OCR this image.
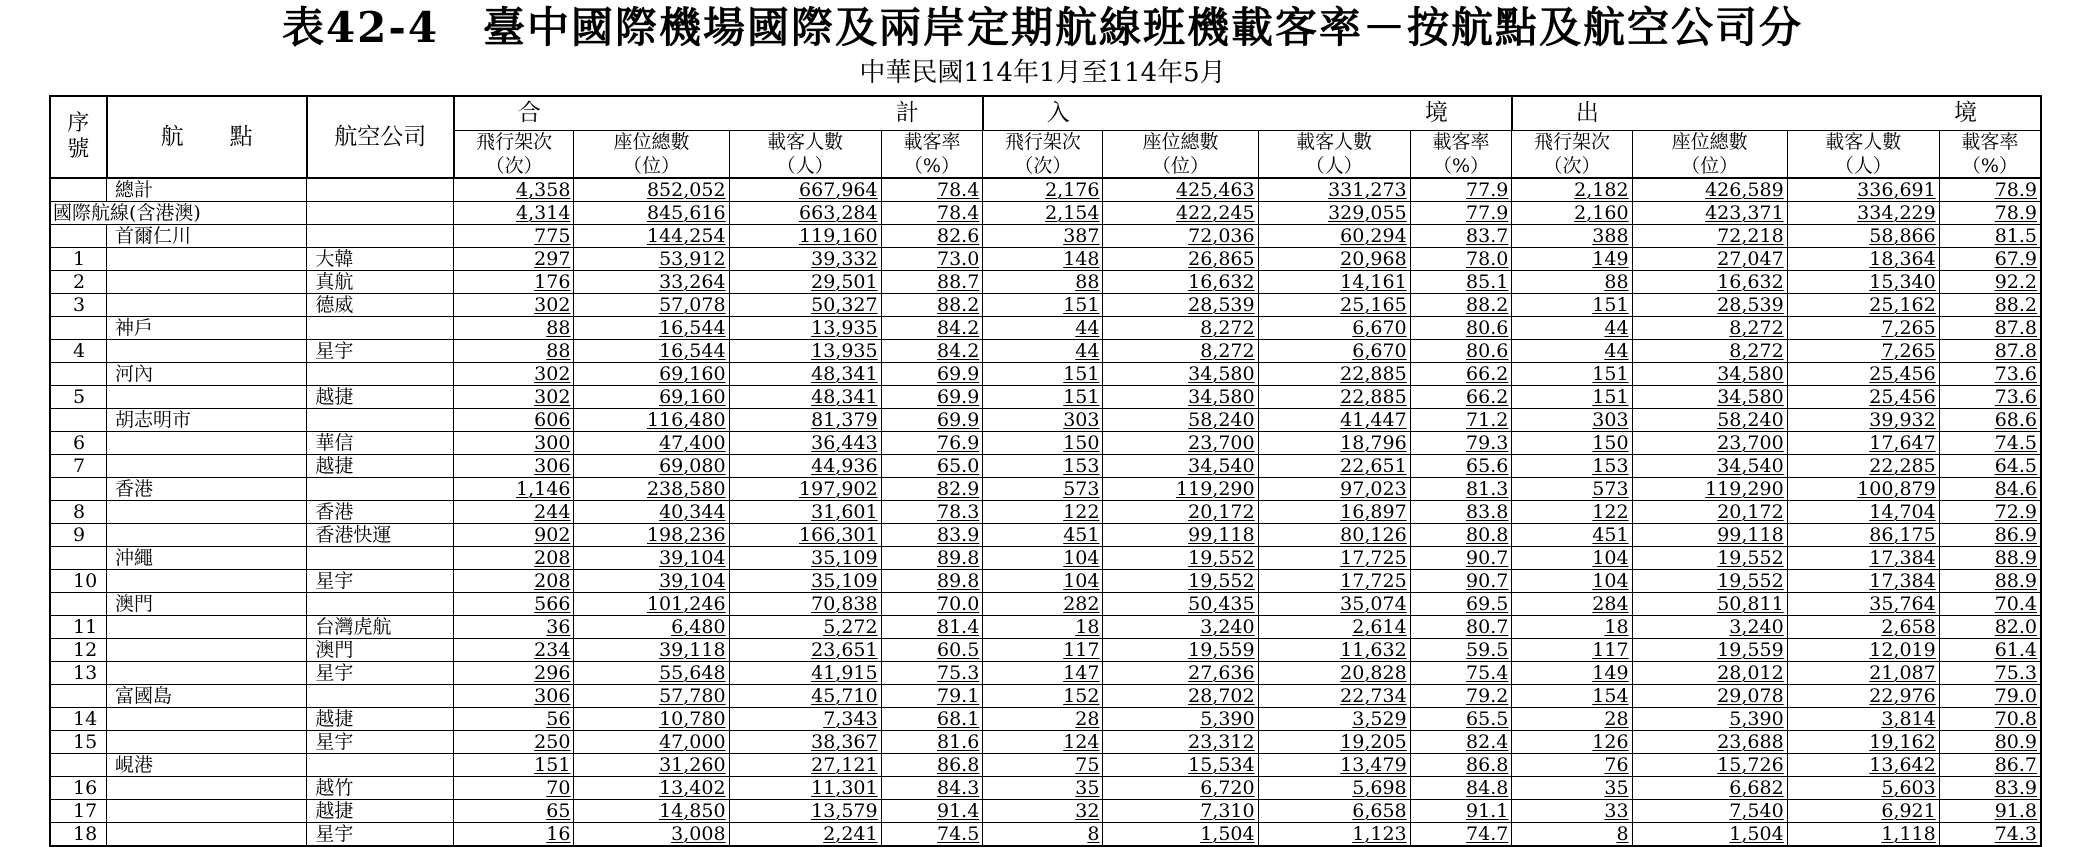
表42-4　臺中國際機場國際及兩岸定期航線班機載客率－按航點及航空公司分
中華民國114年1月至114年5月
序
號	航　　點	航空公司	合 計				入 境				出 境			

			飛行架次	座位總數	載客人數	載客率	飛行架次	座位總數	載客人數	載客率	飛行架次	座位總數	載客人數	載客率
			（次）	（位）	（人）	（%）	（次）	（位）	（人）	（%）	（次）	（位）	（人）	（%）
	總計		4,358	852,052	667,964	78.4	2,176	425,463	331,273	77.9	2,182	426,589	336,691	78.9
國際航線(含港澳)			4,314	845,616	663,284	78.4	2,154	422,245	329,055	77.9	2,160	423,371	334,229	78.9
	首爾仁川		775	144,254	119,160	82.6	387	72,036	60,294	83.7	388	72,218	58,866	81.5
1		大韓	297	53,912	39,332	73.0	148	26,865	20,968	78.0	149	27,047	18,364	67.9
2		真航	176	33,264	29,501	88.7	88	16,632	14,161	85.1	88	16,632	15,340	92.2
3		德威	302	57,078	50,327	88.2	151	28,539	25,165	88.2	151	28,539	25,162	88.2
	神戶		88	16,544	13,935	84.2	44	8,272	6,670	80.6	44	8,272	7,265	87.8
4		星宇	88	16,544	13,935	84.2	44	8,272	6,670	80.6	44	8,272	7,265	87.8
	河內		302	69,160	48,341	69.9	151	34,580	22,885	66.2	151	34,580	25,456	73.6
5		越捷	302	69,160	48,341	69.9	151	34,580	22,885	66.2	151	34,580	25,456	73.6
	胡志明市		606	116,480	81,379	69.9	303	58,240	41,447	71.2	303	58,240	39,932	68.6
6		華信	300	47,400	36,443	76.9	150	23,700	18,796	79.3	150	23,700	17,647	74.5
7		越捷	306	69,080	44,936	65.0	153	34,540	22,651	65.6	153	34,540	22,285	64.5
	香港		1,146	238,580	197,902	82.9	573	119,290	97,023	81.3	573	119,290	100,879	84.6
8		香港	244	40,344	31,601	78.3	122	20,172	16,897	83.8	122	20,172	14,704	72.9
9		香港快運	902	198,236	166,301	83.9	451	99,118	80,126	80.8	451	99,118	86,175	86.9
	沖繩		208	39,104	35,109	89.8	104	19,552	17,725	90.7	104	19,552	17,384	88.9
10		星宇	208	39,104	35,109	89.8	104	19,552	17,725	90.7	104	19,552	17,384	88.9
	澳門		566	101,246	70,838	70.0	282	50,435	35,074	69.5	284	50,811	35,764	70.4
11		台灣虎航	36	6,480	5,272	81.4	18	3,240	2,614	80.7	18	3,240	2,658	82.0
12		澳門	234	39,118	23,651	60.5	117	19,559	11,632	59.5	117	19,559	12,019	61.4
13		星宇	296	55,648	41,915	75.3	147	27,636	20,828	75.4	149	28,012	21,087	75.3
	富國島		306	57,780	45,710	79.1	152	28,702	22,734	79.2	154	29,078	22,976	79.0
14		越捷	56	10,780	7,343	68.1	28	5,390	3,529	65.5	28	5,390	3,814	70.8
15		星宇	250	47,000	38,367	81.6	124	23,312	19,205	82.4	126	23,688	19,162	80.9
	峴港		151	31,260	27,121	86.8	75	15,534	13,479	86.8	76	15,726	13,642	86.7
16		越竹	70	13,402	11,301	84.3	35	6,720	5,698	84.8	35	6,682	5,603	83.9
17		越捷	65	14,850	13,579	91.4	32	7,310	6,658	91.1	33	7,540	6,921	91.8
18		星宇	16	3,008	2,241	74.5	8	1,504	1,123	74.7	8	1,504	1,118	74.3
